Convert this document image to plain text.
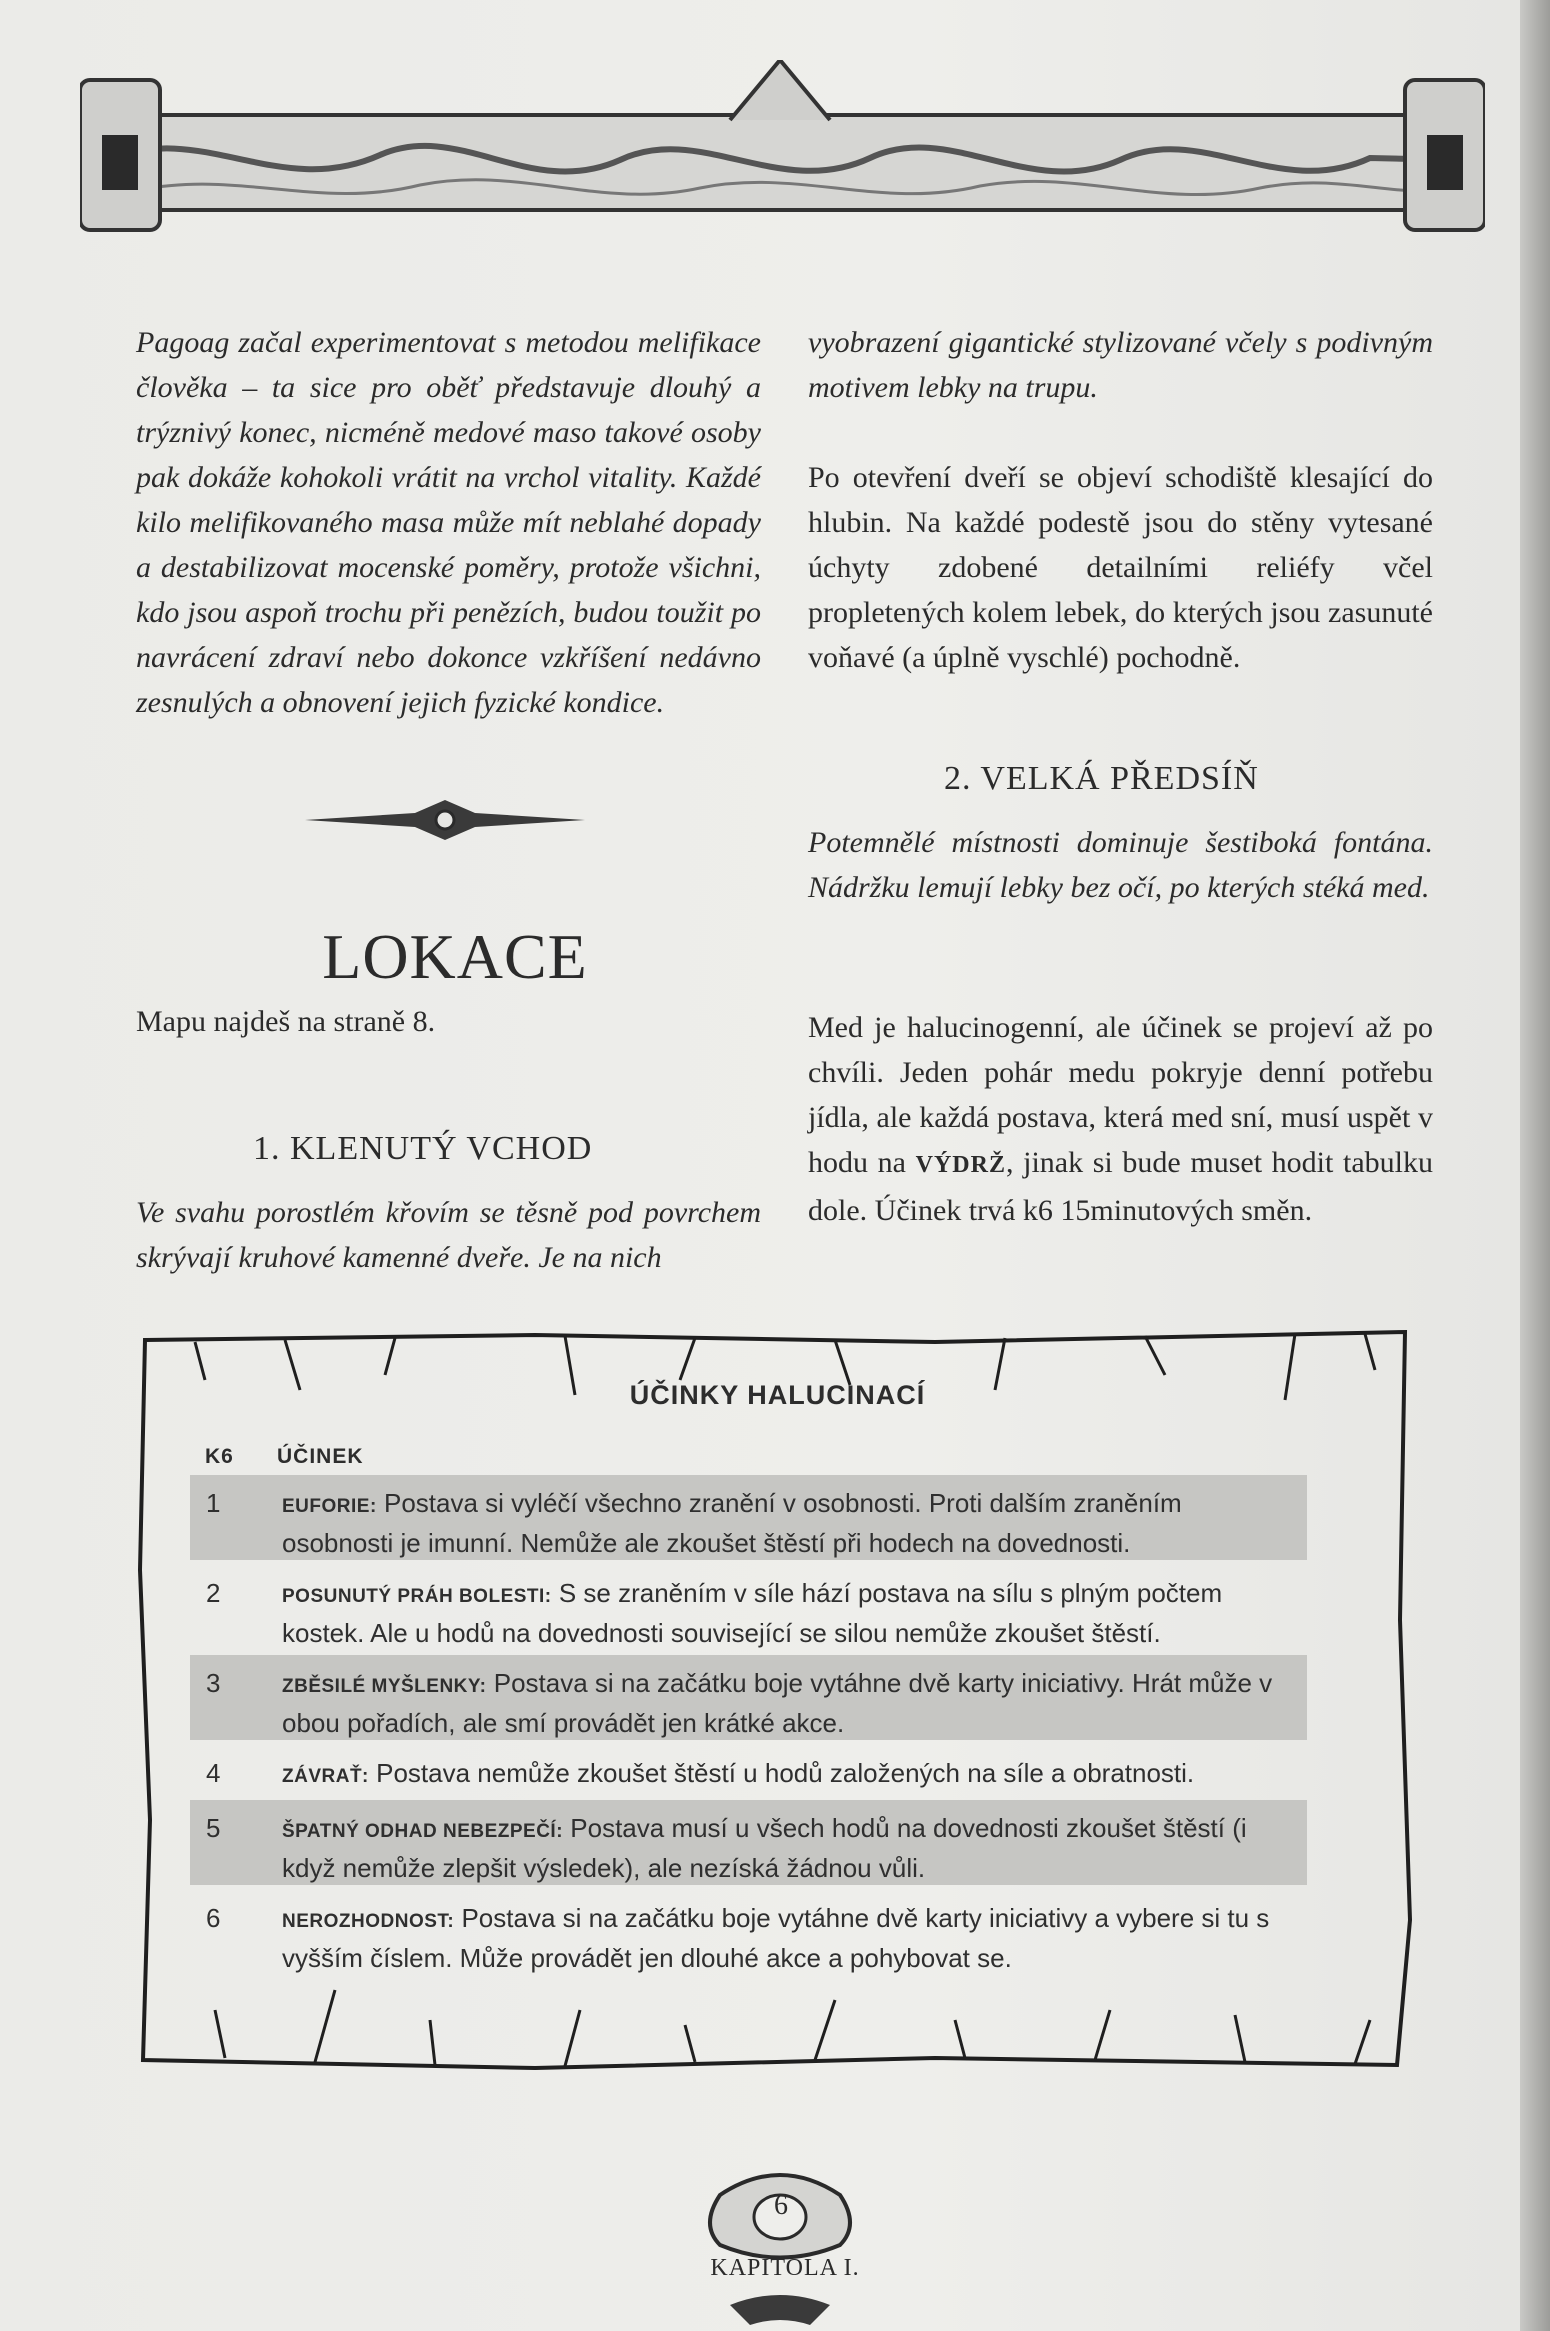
Pagoag začal experimentovat s metodou melifikace člověka – ta sice pro oběť představuje dlouhý a trýznivý konec, nicméně medové maso takové osoby pak dokáže kohokoli vrátit na vrchol vitality. Každé kilo melifikovaného masa může mít neblahé dopady a destabilizovat mocenské poměry, protože všichni, kdo jsou aspoň trochu při penězích, budou toužit po navrácení zdraví nebo dokonce vzkříšení nedávno zesnulých a obnovení jejich fyzické kondice.

LOKACE
Mapu najdeš na straně 8.
1. KLENUTÝ VCHOD
Ve svahu porostlém křovím se těsně pod povrchem skrývají kruhové kamenné dveře. Je na nich

vyobrazení gigantické stylizované včely s podivným motivem lebky na trupu.

Po otevření dveří se objeví schodiště klesající do hlubin. Na každé podestě jsou do stěny vytesané úchyty zdobené detailními reliéfy včel propletených kolem lebek, do kterých jsou zasunuté voňavé (a úplně vyschlé) pochodně.

2. VELKÁ PŘEDSÍŇ
Potemnělé místnosti dominuje šestiboká fontána. Nádržku lemují lebky bez očí, po kterých stéká med.
Med je halucinogenní, ale účinek se projeví až po chvíli. Jeden pohár medu pokryje denní potřebu jídla, ale každá postava, která med sní, musí uspět v hodu na VÝDRŽ, jinak si bude muset hodit tabulku dole. Účinek trvá k6 15minutových směn.
ÚČINKY HALUCINACÍ
K6 ÚČINEK
1	EUFORIE: Postava si vyléčí všechno zranění v osobnosti. Proti dalším zraněním osobnosti je imunní. Nemůže ale zkoušet štěstí při hodech na dovednosti.
2	POSUNUTÝ PRÁH BOLESTI: S se zraněním v síle hází postava na sílu s plným počtem kostek. Ale u hodů na dovednosti související se silou nemůže zkoušet štěstí.
3	ZBĚSILÉ MYŠLENKY: Postava si na začátku boje vytáhne dvě karty iniciativy. Hrát může v obou pořadích, ale smí provádět jen krátké akce.
4	ZÁVRAŤ: Postava nemůže zkoušet štěstí u hodů založených na síle a obratnosti.
5	ŠPATNÝ ODHAD NEBEZPEČÍ: Postava musí u všech hodů na dovednosti zkoušet štěstí (i když nemůže zlepšit výsledek), ale nezíská žádnou vůli.
6	NEROZHODNOST: Postava si na začátku boje vytáhne dvě karty iniciativy a vybere si tu s vyšším číslem. Může provádět jen dlouhé akce a pohybovat se.
6
KAPITOLA I.
